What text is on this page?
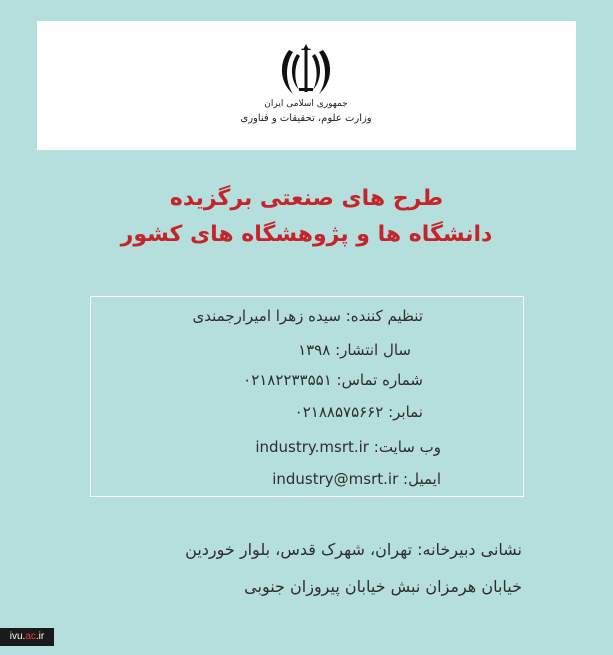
جمهوری اسلامی ایران
وزارت علوم، تحقیقات و فناوری
طرح های صنعتی برگزیده
دانشگاه ها و پژوهشگاه های کشور
تنظیم کننده: سیده زهرا امیرارجمندی
سال انتشار: ۱۳۹۸
شماره تماس: ۰۲۱۸۲۲۳۳۵۵۱
نمابر: ۰۲۱۸۸۵۷۵۶۶۲
industry.msrt.ir وب سایت:
industry@msrt.ir ایمیل:
نشانی دبیرخانه: تهران، شهرک قدس، بلوار خوردین
خیابان هرمزان نبش خیابان پیروزان جنوبی
ivu.ac.ir
